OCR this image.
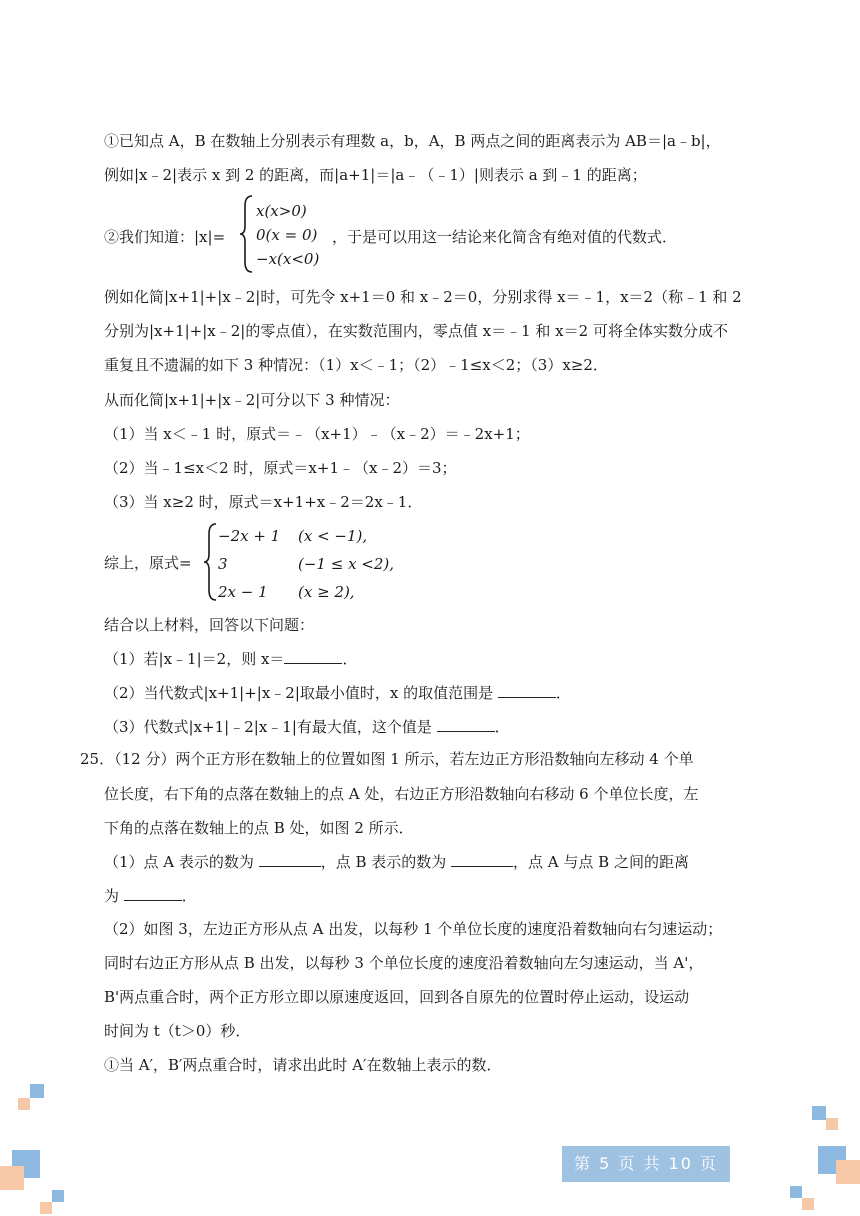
①已知点 A，B 在数轴上分别表示有理数 a，b，A，B 两点之间的距离表示为 AB＝|a﹣b|，
例如|x﹣2|表示 x 到 2 的距离，而|a+1|＝|a﹣（﹣1）|则表示 a 到﹣1 的距离；
例如化简|x+1|+|x﹣2|时，可先令 x+1＝0 和 x﹣2＝0，分别求得 x＝﹣1，x＝2（称﹣1 和 2
分别为|x+1|+|x﹣2|的零点值），在实数范围内，零点值 x＝﹣1 和 x＝2 可将全体实数分成不
重复且不遗漏的如下 3 种情况：（1）x＜﹣1；（2）﹣1≤x＜2；（3）x≥2．
从而化简|x+1|+|x﹣2|可分以下 3 种情况：
（1）当 x＜﹣1 时，原式＝﹣（x+1）﹣（x﹣2）＝﹣2x+1；
（2）当﹣1≤x＜2 时，原式＝x+1﹣（x﹣2）＝3；
（3）当 x≥2 时，原式＝x+1+x﹣2＝2x﹣1．
结合以上材料，回答以下问题：
25．（12 分）两个正方形在数轴上的位置如图 1 所示，若左边正方形沿数轴向左移动 4 个单
位长度，右下角的点落在数轴上的点 A 处，右边正方形沿数轴向右移动 6 个单位长度，左
下角的点落在数轴上的点 B 处，如图 2 所示．
（2）如图 3，左边正方形从点 A 出发，以每秒 1 个单位长度的速度沿着数轴向右匀速运动；
同时右边正方形从点 B 出发，以每秒 3 个单位长度的速度沿着数轴向左匀速运动，当 A'，
B'两点重合时，两个正方形立即以原速度返回，回到各自原先的位置时停止运动，设运动
时间为 t（t＞0）秒．
①当 A′，B′两点重合时，请求出此时 A′在数轴上表示的数．
②我们知道：|x|=
x(x>0)
0(x = 0)
−x(x<0)
，于是可以用这一结论来化简含有绝对值的代数式．
综上，原式=
−2x + 1 (x < −1),
3	(−1 ≤ x <2),
2x − 1 (x ≥ 2),
（1）若|x﹣1|＝2，则 x＝	．
（2）当代数式|x+1|+|x﹣2|取最小值时，x 的取值范围是	．
（3）代数式|x+1|﹣2|x﹣1|有最大值，这个值是	．
（1）点 A 表示的数为	，点 B 表示的数为	，点 A 与点 B 之间的距离
为	．
第 5 页 共 10 页
